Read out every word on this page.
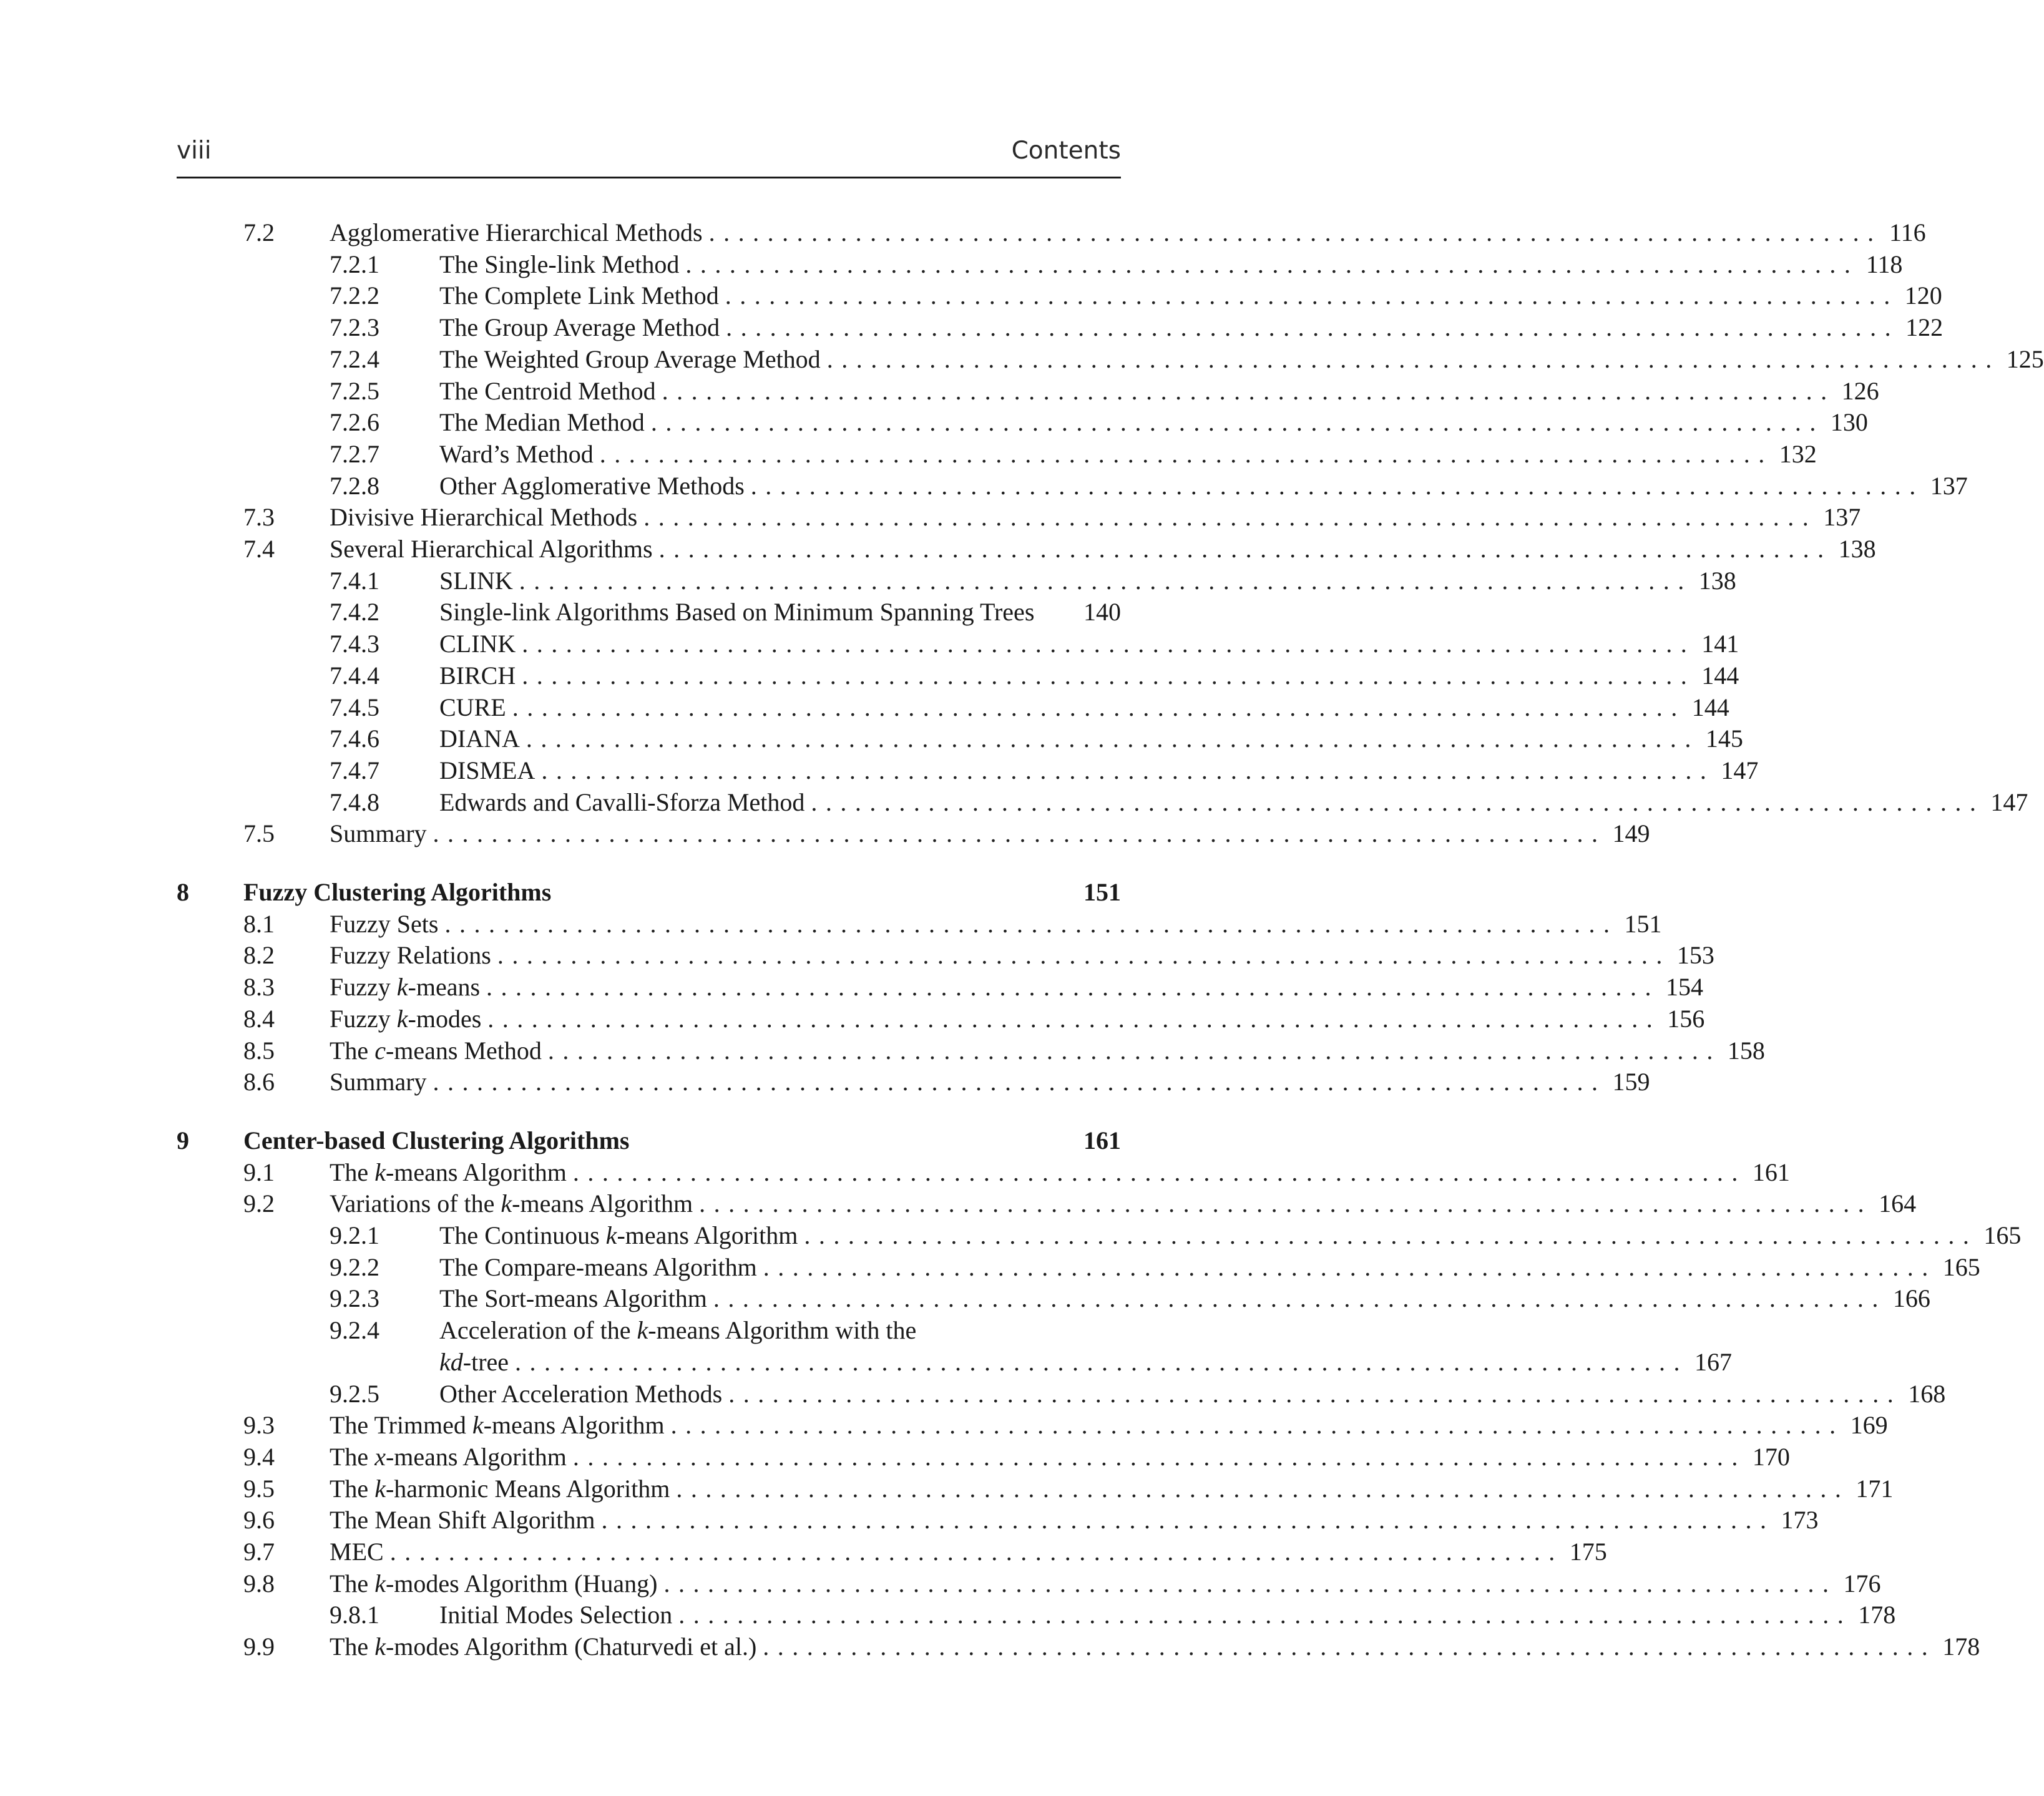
viii	Contents
7.2 Agglomerative Hierarchical Methods ................................................................................ 116
7.2.1 The Single-link Method ................................................................................ 118
7.2.2 The Complete Link Method ................................................................................ 120
7.2.3 The Group Average Method ................................................................................ 122
7.2.4 The Weighted Group Average Method ................................................................................ 125
7.2.5 The Centroid Method ................................................................................ 126
7.2.6 The Median Method ................................................................................ 130
7.2.7 Ward’s Method ................................................................................ 132
7.2.8 Other Agglomerative Methods ................................................................................ 137
7.3 Divisive Hierarchical Methods ................................................................................ 137
7.4 Several Hierarchical Algorithms ................................................................................ 138
7.4.1 SLINK ................................................................................ 138
7.4.2 Single-link Algorithms Based on Minimum Spanning Trees 140
7.4.3 CLINK ................................................................................ 141
7.4.4 BIRCH ................................................................................ 144
7.4.5 CURE ................................................................................ 144
7.4.6 DIANA ................................................................................ 145
7.4.7 DISMEA ................................................................................ 147
7.4.8 Edwards and Cavalli-Sforza Method ................................................................................ 147
7.5 Summary ................................................................................ 149
8 Fuzzy Clustering Algorithms	151
8.1 Fuzzy Sets ................................................................................ 151
8.2 Fuzzy Relations ................................................................................ 153
8.3 Fuzzy k-means ................................................................................ 154
8.4 Fuzzy k-modes ................................................................................ 156
8.5 The c-means Method ................................................................................ 158
8.6 Summary ................................................................................ 159
9 Center-based Clustering Algorithms	161
9.1 The k-means Algorithm ................................................................................ 161
9.2 Variations of the k-means Algorithm ................................................................................ 164
9.2.1 The Continuous k-means Algorithm ................................................................................ 165
9.2.2 The Compare-means Algorithm ................................................................................ 165
9.2.3 The Sort-means Algorithm ................................................................................ 166
9.2.4 Acceleration of the k-means Algorithm with the
kd-tree ................................................................................ 167
9.2.5 Other Acceleration Methods ................................................................................ 168
9.3 The Trimmed k-means Algorithm ................................................................................ 169
9.4 The x-means Algorithm ................................................................................ 170
9.5 The k-harmonic Means Algorithm ................................................................................ 171
9.6 The Mean Shift Algorithm ................................................................................ 173
9.7 MEC ................................................................................ 175
9.8 The k-modes Algorithm (Huang) ................................................................................ 176
9.8.1 Initial Modes Selection ................................................................................ 178
9.9 The k-modes Algorithm (Chaturvedi et al.) ................................................................................ 178
